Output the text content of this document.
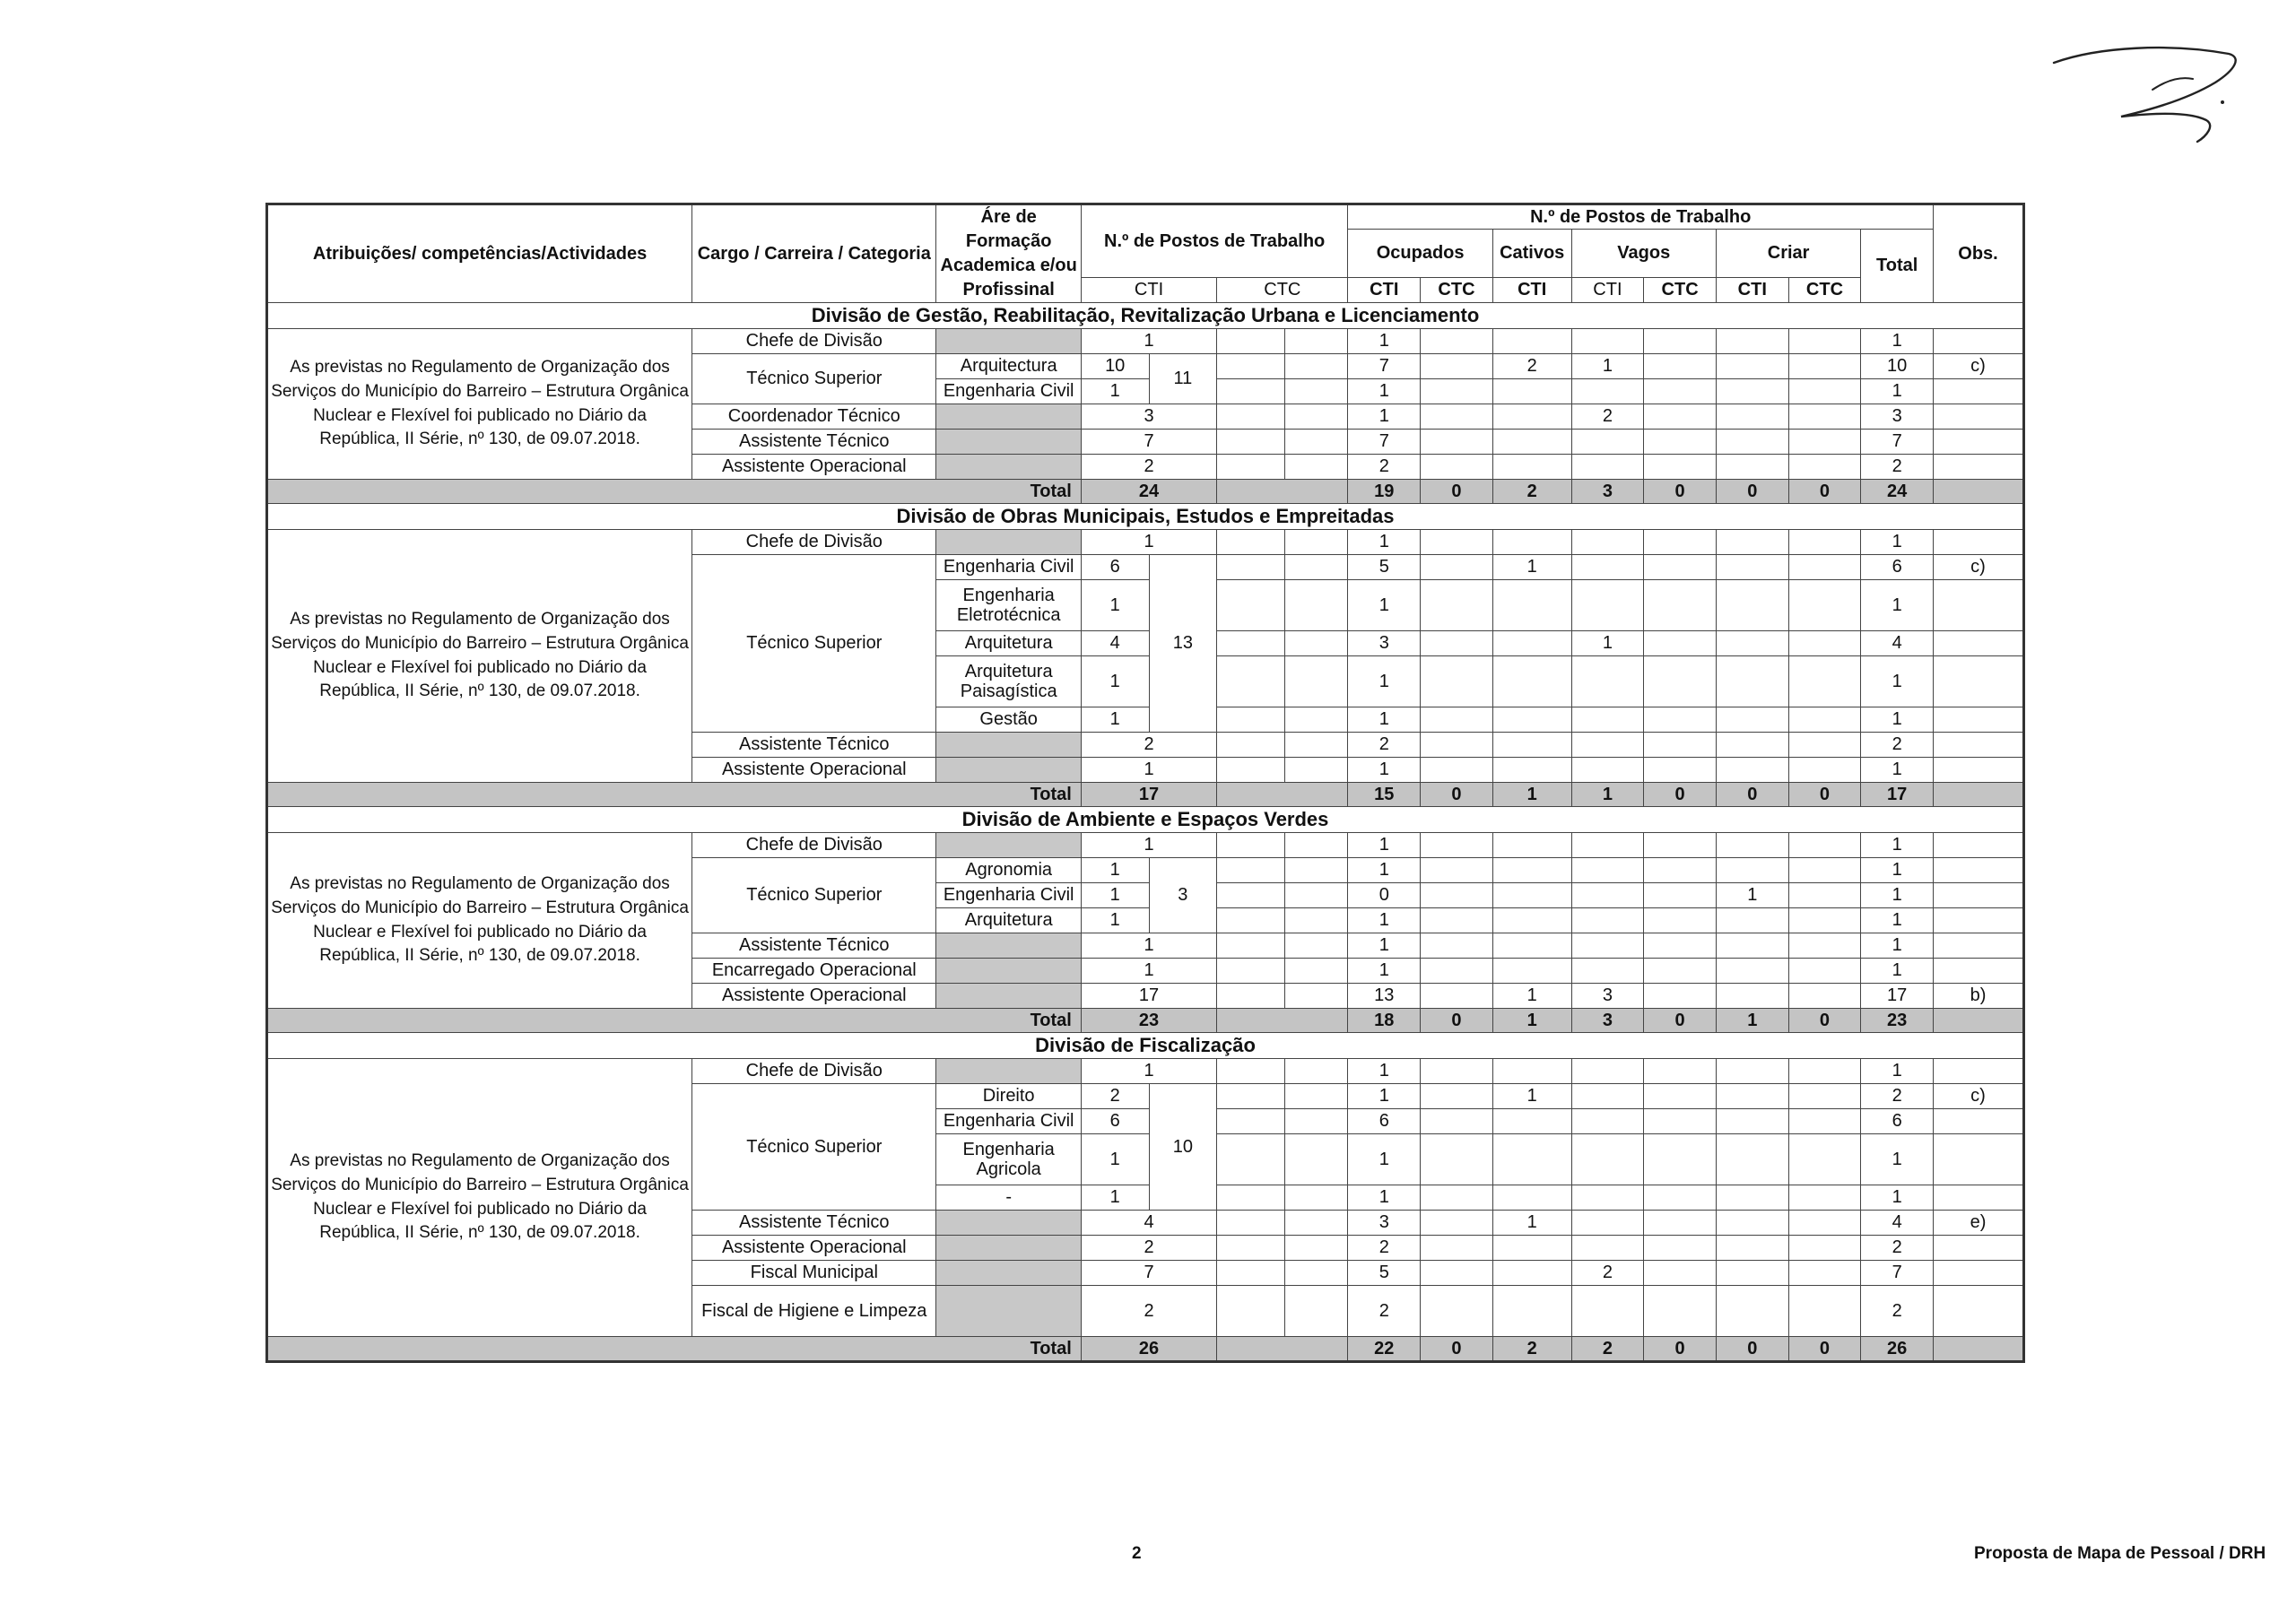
Atribuições/ competências/Actividades	Cargo / Carreira / Categoria	Áre de Formação Academica e/ou Profissinal	N.º de Postos de Trabalho				N.º de Postos de Trabalho								Obs.
							Ocupados		Cativos	Vagos		Criar		Total	
			CTI		CTC		CTI	CTC	CTI	CTI	CTC	CTI	CTC		
Divisão de Gestão, Reabilitação, Revitalização Urbana e Licenciamento															
As previstas no Regulamento de Organização dos Serviços do Município do Barreiro – Estrutura Orgânica Nuclear e Flexível foi publicado no Diário da República, II Série, nº 130, de 09.07.2018.	Chefe de Divisão		1				1							1	
	Técnico Superior	Arquitectura	10	11			7		2	1				10	c)
		Engenharia Civil	1				1							1	
	Coordenador Técnico		3				1			2				3	
	Assistente Técnico		7				7							7	
	Assistente Operacional		2				2							2	
Total			24				19	0	2	3	0	0	0	24	
Divisão de Obras Municipais, Estudos e Empreitadas															
As previstas no Regulamento de Organização dos Serviços do Município do Barreiro – Estrutura Orgânica Nuclear e Flexível foi publicado no Diário da República, II Série, nº 130, de 09.07.2018.	Chefe de Divisão		1				1							1	
	Técnico Superior	Engenharia Civil	6	13			5		1					6	c)
		Engenharia Eletrotécnica	1				1							1	
		Arquitetura	4				3			1				4	
		Arquitetura Paisagística	1				1							1	
		Gestão	1				1							1	
	Assistente Técnico		2				2							2	
	Assistente Operacional		1				1							1	
Total			17				15	0	1	1	0	0	0	17	
Divisão de Ambiente e Espaços Verdes															
As previstas no Regulamento de Organização dos Serviços do Município do Barreiro – Estrutura Orgânica Nuclear e Flexível foi publicado no Diário da República, II Série, nº 130, de 09.07.2018.	Chefe de Divisão		1				1							1	
	Técnico Superior	Agronomia	1	3			1							1	
		Engenharia Civil	1				0					1		1	
		Arquitetura	1				1							1	
	Assistente Técnico		1				1							1	
	Encarregado Operacional		1				1							1	
	Assistente Operacional		17				13		1	3				17	b)
Total			23				18	0	1	3	0	1	0	23	
Divisão de Fiscalização															
As previstas no Regulamento de Organização dos Serviços do Município do Barreiro – Estrutura Orgânica Nuclear e Flexível foi publicado no Diário da República, II Série, nº 130, de 09.07.2018.	Chefe de Divisão		1				1							1	
	Técnico Superior	Direito	2	10			1		1					2	c)
		Engenharia Civil	6				6							6	
		Engenharia Agricola	1				1							1	
		-	1				1							1	
	Assistente Técnico		4				3		1					4	e)
	Assistente Operacional		2				2							2	
	Fiscal Municipal		7				5			2				7	
	Fiscal de Higiene e Limpeza		2				2							2	
Total			26				22	0	2	2	0	0	0	26	
2	Proposta de Mapa de Pessoal / DRH
